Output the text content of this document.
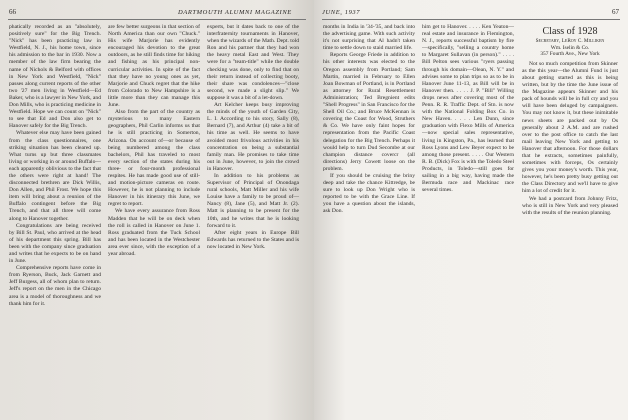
66	DARTMOUTH ALUMNI MAGAZINE

phatically recorded as an "absolutely, positively sure" for the Big Trench. "Nick" has been practicing law in Westfield, N. J., his home town, since his admission to the bar in 1930. Now a member of the law firm bearing the name of Nichols & Belford with offices in New York and Westfield, "Nick" passes along current reports of the other two '27 men living in Westfield—Ed Baker, who is a lawyer in New York, and Don Mills, who is practicing medicine in Westfield. Hope we can count on "Nick" to see that Ed and Don also get to Hanover safely for the Big Trench.

Whatever else may have been gained from the class questionnaires, one striking situation has been cleared up. What turns up but three classmates living or working in or around Buffalo—each apparently oblivious to the fact that the others were right at hand! The disconnected brethren are Dick Willis, Don Allen, and Phil Frost. We hope this item will bring about a reunion of the Buffalo contingent before the Big Trench, and that all three will come along to Hanover together.

Congratulations are being received by Bill St. Paul, who arrived at the head of his department this spring. Bill has been with the company since graduation and writes that he expects to be on hand in June.

Comprehensive reports have come in from Ryerson, Buck, Jack Garnett and Jeff Burgess, all of whom plan to return. Jeff's report on the men in the Chicago area is a model of thoroughness and we thank him for it.

are few better surgeons in that section of North America than our own "Chuck." His wife Marjorie has evidently encouraged his devotion to the great outdoors, as he still finds time for hiking and fishing as his principal non-curricular activities. In spite of the fact that they have no young ones as yet, Marjorie and Chuck regret that the hike from Colorado to New Hampshire is a little more than they can manage this June.

Also from the part of the country as mysterious to many Eastern geographers, Phil Carlin informs us that he is still practicing in Somerton, Arizona. On account of—or because of being numbered among the class bachelors, Phil has traveled to most every section of the states during his three- or four-month professional respites. He has made good use of still- and motion-picture cameras en route. However, he is not planning to include Hanover in his itinerary this June, we regret to report.

We have every assurance from Ross Madden that he will be on deck when the roll is called in Hanover on June 1. Ross graduated from the Tuck School and has been located in the Westchester area ever since, with the exception of a year abroad.

experts, but it dates back to one of the interfraternity tournaments in Hanover, when the wizards of the Math. Dept. told Ron and his partner that they had won the heavy metal East and West. They were for a "team-title" while the double checking was done, only to find that on their return instead of collecting booty, their share was condolences—"close second, we made a slight slip." We suppose it was a bit of a let-down.

Art Kelcher keeps busy improving the minds of the youth of Garden City, L. I. According to his story, Sally (8), Bernard (7), and Arthur (4) take a bit of his time as well. He seems to have avoided most frivolous activities in his concentration on being a substantial family man. He promises to take time out in June, however, to join the crowd in Hanover.

In addition to his problems as Supervisor of Principal of Onondaga rural schools, Matt Miller and his wife Louise have a family to be proud of—Nancy (8), Jane (5), and Matt Jr. (2). Matt is planning to be present for the 10th, and he writes that he is looking forward to it.

After eight years in Europe Bill Edwards has returned to the States and is now located in New York.

JUNE, 1937	67

months in India in '34-'35, and back into the advertising game. With such activity it's not surprising that Al hadn't taken time to settle down to staid married life.

Reports George Friede in addition to his other interests was elected to the Oregon assembly from Portland; Sam Martin, married in February to Ellen Joan Bowman of Portland, is in Portland as attorney for Rural Resettlement Administration; Ted Bregnient edits "Shell Progress" in San Francisco for the Shell Oil Co.; and Bruce McKennan is covering the Coast for Wood, Struthers & Co. We have only faint hopes for representation from the Pacific Coast delegation for the Big Trench. Perhaps it would help to turn Dud Secombe at our champion distance covercr (all directions) Jerry Cowett loose on the problem.

If you should be cruising the briny deep and take the chance Kittredge, be sure to look up Don Wright who is reported to be with the Grace Line. If you have a question about the islands, ask Don.

him get to Hanover. . . . . Ken Yeaton—real estate and insurance in Flemington, N. J., reports successful baptism by fire—specifically, "selling a country home to Margaret Sullavan (in person)." . . . . Bill Pelton sees various "ryers passing through his domain—Olean, N. Y." and advises some to plan trips so as to be in Hanover June 11-13, as Bill will be in Hanover then. . . . . J. P. "Bill" Willing drops news after covering most of the Penn. R. R. Traffic Dept. of Stn. is now with the National Folding Box Co. in New Haven. . . . . Len Dunn, since graduation with Flexo Mills of America—now special sales representative, living in Kingston, Pa., has learned that Ross Lyons and Lew Beyer expect to be among those present. . . . . Our Western R. B. (Dick) Fox is with the Toledo Steel Products, in Toledo—still goes for sailing in a big way, having made the Bermuda race and Mackinac race several times.

Class of 1928
Secretary, LeRoy C. Milliken
Wm. Iselin & Co.
357 Fourth Ave., New York

Not so much competition from Skinner as the this year—the Alumni Fund is just about getting started as this is being written, but by the time the June issue of the Magazine appears Skinner and his pack of hounds will be in full cry and you will have been deluged by campaigners. You may not know it, but these inimitable news sheets are packed out by Os generally about 2 A.M. and are rushed over to the post office to catch the last mail leaving New York and getting to Hanover that afternoon. For those dollars that he extracts, sometimes painfully, sometimes with forceps, Os certainly gives you your money's worth. This year, however, he's been pretty busy getting out the Class Directory and we'll have to give him a lot of credit for it.

We had a postcard from Johnny Fritz, who is still in New York and very pleased with the results of the reunion planning.
